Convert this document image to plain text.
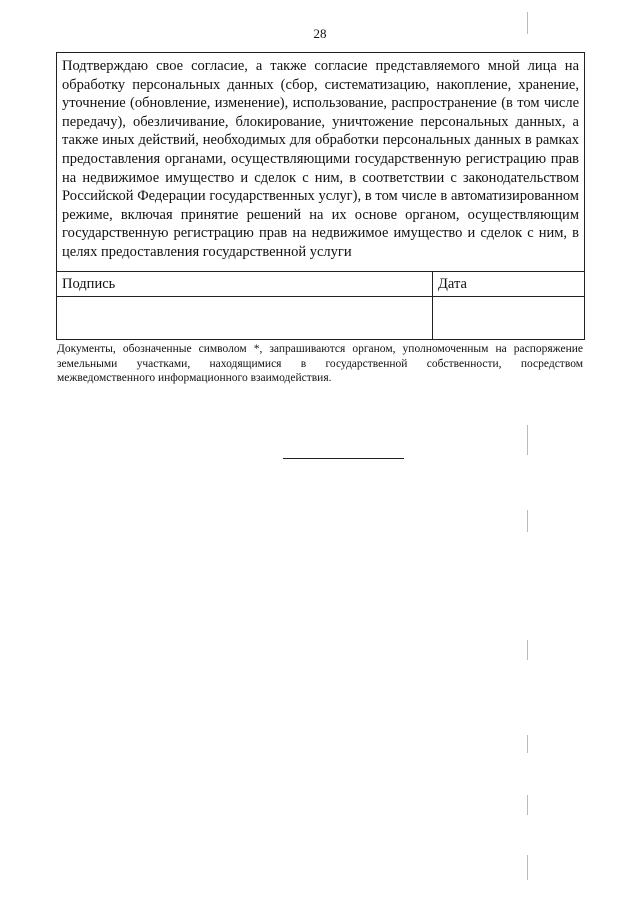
28
Подтверждаю свое согласие, а также согласие представляемого мной лица на обработку персональных данных (сбор, систематизацию, накопление, хранение, уточнение (обновление, изменение), использование, распространение (в том числе передачу), обезличивание, блокирование, уничтожение персональных данных, а также иных действий, необходимых для обработки персональных данных в рамках предоставления органами, осуществляющими государственную регистрацию прав на недвижимое имущество и сделок с ним, в соответствии с законодательством Российской Федерации государственных услуг), в том числе в автоматизированном режиме, включая принятие решений на их основе органом, осуществляющим государственную регистрацию прав на недвижимое имущество и сделок с ним, в целях предоставления государственной услуги	
Подпись	Дата

Документы, обозначенные символом *, запрашиваются органом, уполномоченным на распоряжение земельными участками, находящимися в государственной собственности, посредством межведомственного информационного взаимодействия.
